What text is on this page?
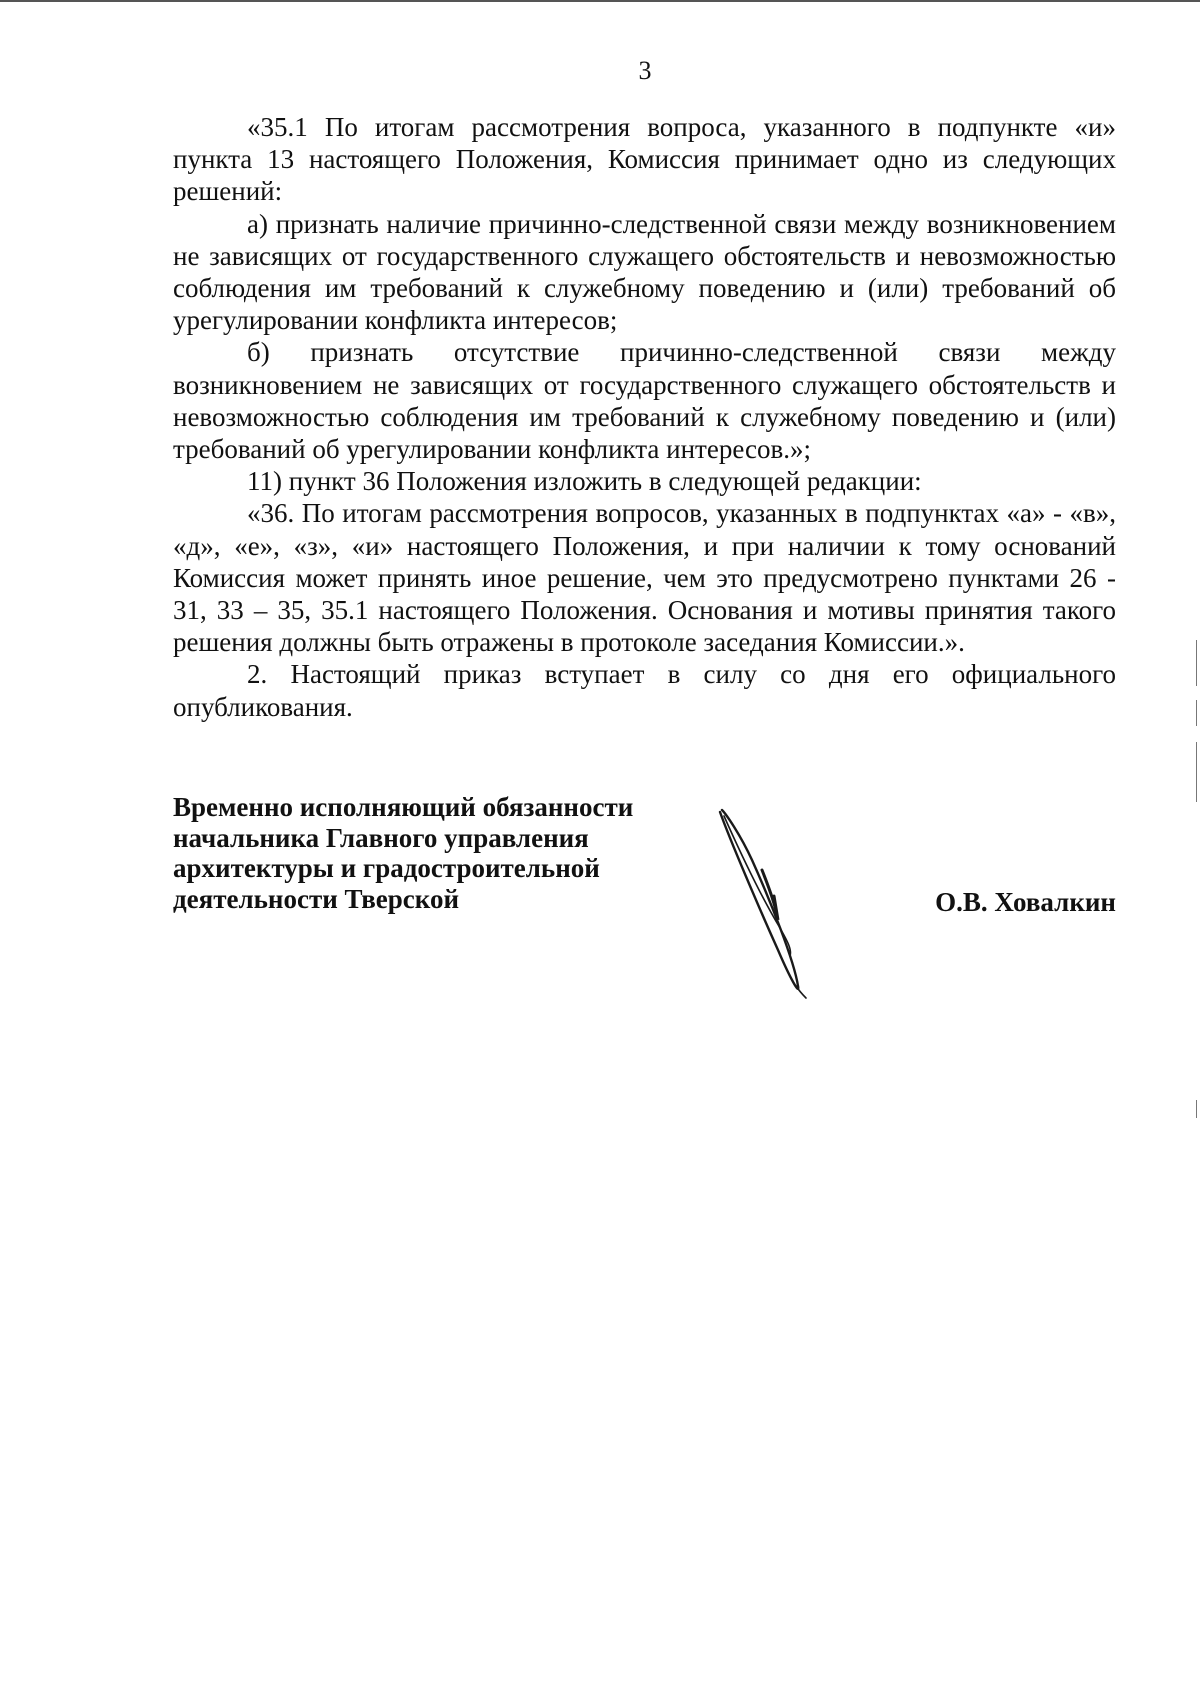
3

«35.1 По итогам рассмотрения вопроса, указанного в подпункте «и» пункта 13 настоящего Положения, Комиссия принимает одно из следующих решений:

а) признать наличие причинно-следственной связи между возникновением не зависящих от государственного служащего обстоятельств и невозможностью соблюдения им требований к служебному поведению и (или) требований об урегулировании конфликта интересов;

б) признать отсутствие причинно-следственной связи между возникновением не зависящих от государственного служащего обстоятельств и невозможностью соблюдения им требований к служебному поведению и (или) требований об урегулировании конфликта интересов.»;

11) пункт 36 Положения изложить в следующей редакции:

«36. По итогам рассмотрения вопросов, указанных в подпунктах «а» - «в», «д», «е», «з», «и» настоящего Положения, и при наличии к тому оснований Комиссия может принять иное решение, чем это предусмотрено пунктами 26 - 31, 33 – 35, 35.1 настоящего Положения. Основания и мотивы принятия такого решения должны быть отражены в протоколе заседания Комиссии.».

2. Настоящий приказ вступает в силу со дня его официального опубликования.

Временно исполняющий обязанности
начальника Главного управления
архитектуры и градостроительной
деятельности Тверской	О.В. Ховалкин
